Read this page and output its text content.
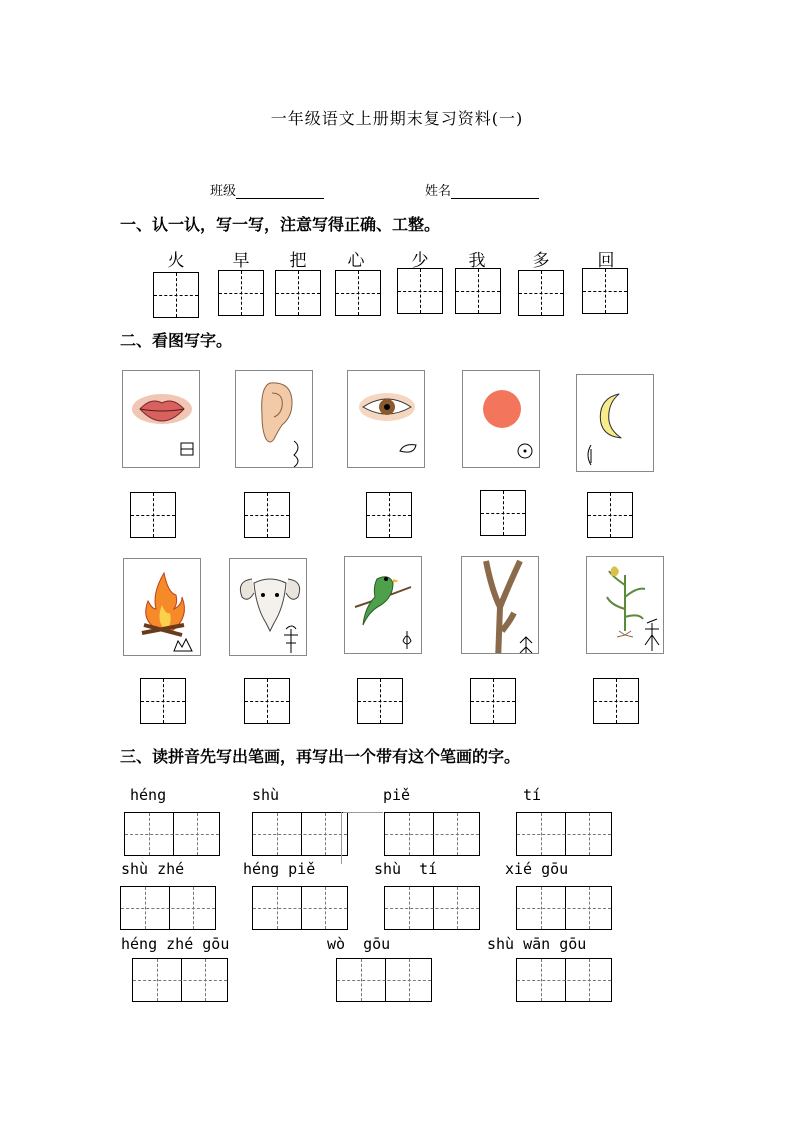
一年级语文上册期末复习资料(一)
班级	姓名
一、认一认，写一写，注意写得正确、工整。
火	早	把	心	少	我	多	回
二、看图写字。
三、读拼音先写出笔画，再写出一个带有这个笔画的字。
héng	shù	piě	tí
shù zhé	héng piě	shù  tí	xié gōu
héng zhé gōu	wò  gōu	shù wān gōu
